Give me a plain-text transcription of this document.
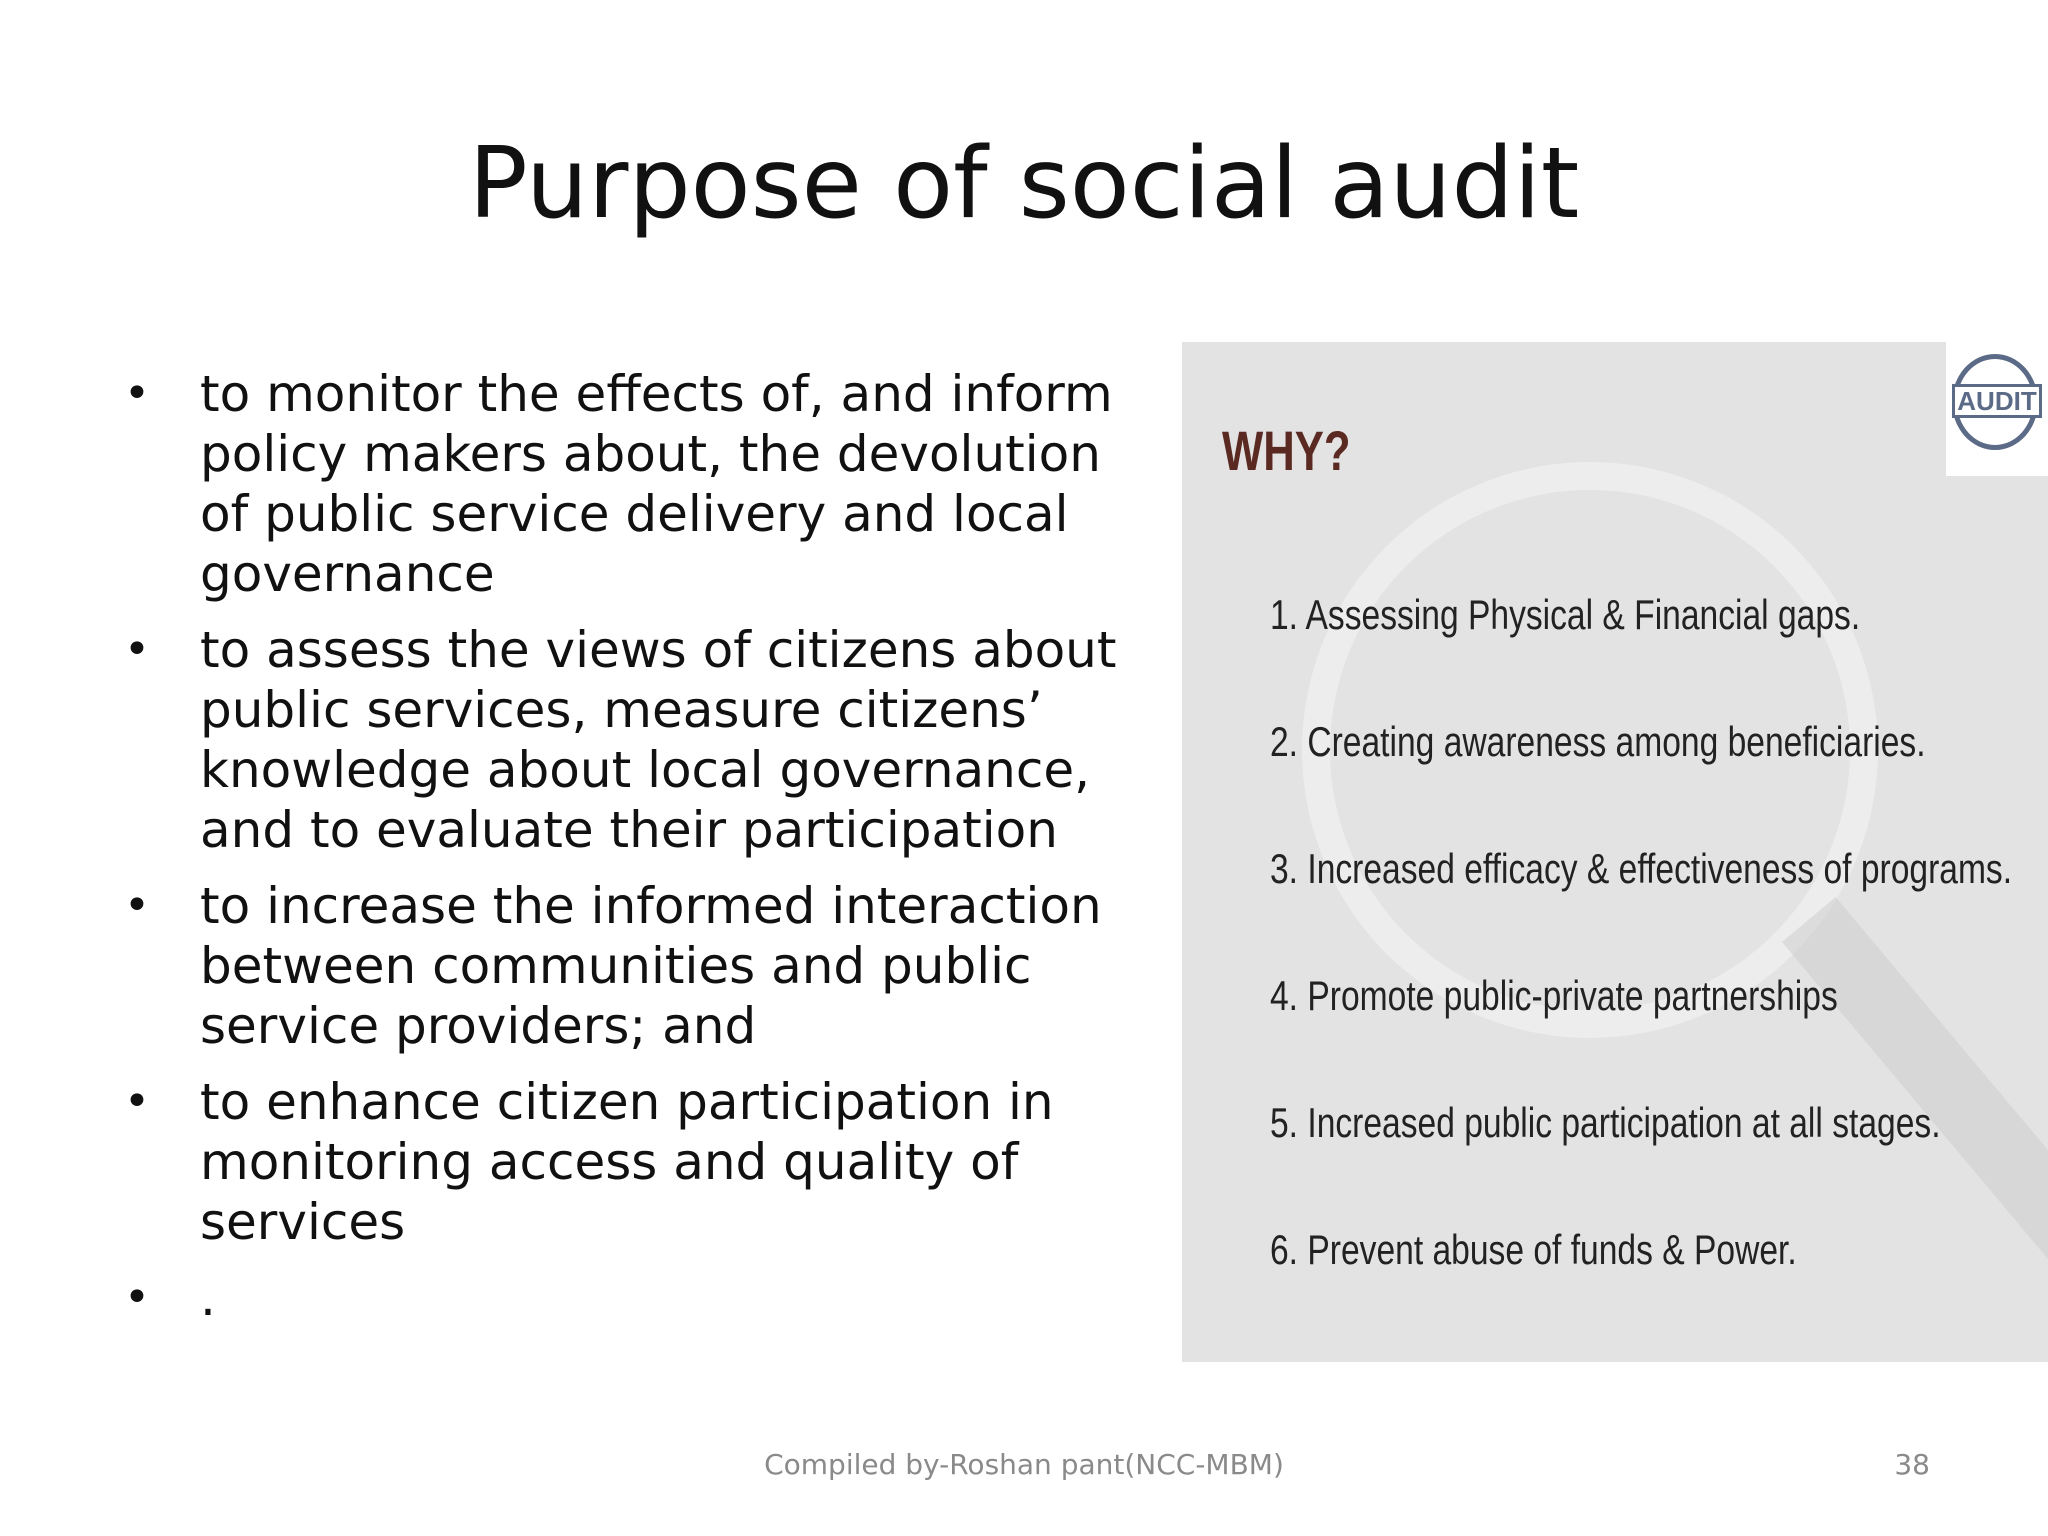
Purpose of social audit
• to monitor the effects of, and inform policy makers about, the devolution of public service delivery and local governance
• to assess the views of citizens about public services, measure citizens’ knowledge about local governance, and to evaluate their participation
• to increase the informed interaction between communities and public service providers; and
• to enhance citizen participation in monitoring access and quality of services
• .
WHY?
1. Assessing Physical & Financial gaps.
2. Creating awareness among beneficiaries.
3. Increased efficacy & effectiveness of programs.
4. Promote public-private partnerships
5. Increased public participation at all stages.
6. Prevent abuse of funds & Power.
AUDIT
Compiled by-Roshan pant(NCC-MBM)	38
